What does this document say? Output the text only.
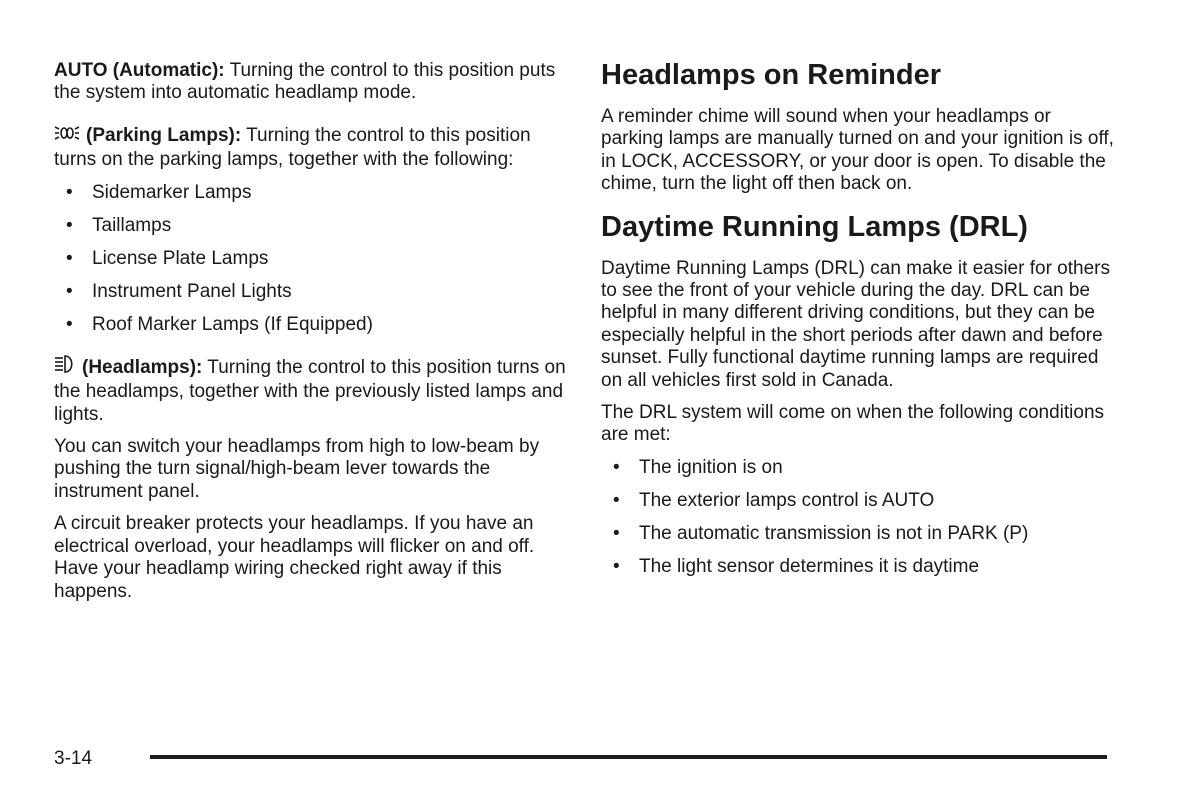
AUTO (Automatic): Turning the control to this position puts the system into automatic headlamp mode.

(Parking Lamps): Turning the control to this position turns on the parking lamps, together with the following:

• Sidemarker Lamps
• Taillamps
• License Plate Lamps
• Instrument Panel Lights
• Roof Marker Lamps (If Equipped)

(Headlamps): Turning the control to this position turns on the headlamps, together with the previously listed lamps and lights.

You can switch your headlamps from high to low-beam by pushing the turn signal/high-beam lever towards the instrument panel.

A circuit breaker protects your headlamps. If you have an electrical overload, your headlamps will flicker on and off. Have your headlamp wiring checked right away if this happens.

Headlamps on Reminder

A reminder chime will sound when your headlamps or parking lamps are manually turned on and your ignition is off, in LOCK, ACCESSORY, or your door is open. To disable the chime, turn the light off then back on.

Daytime Running Lamps (DRL)

Daytime Running Lamps (DRL) can make it easier for others to see the front of your vehicle during the day. DRL can be helpful in many different driving conditions, but they can be especially helpful in the short periods after dawn and before sunset. Fully functional daytime running lamps are required on all vehicles first sold in Canada.

The DRL system will come on when the following conditions are met:

• The ignition is on
• The exterior lamps control is AUTO
• The automatic transmission is not in PARK (P)
• The light sensor determines it is daytime
3-14
